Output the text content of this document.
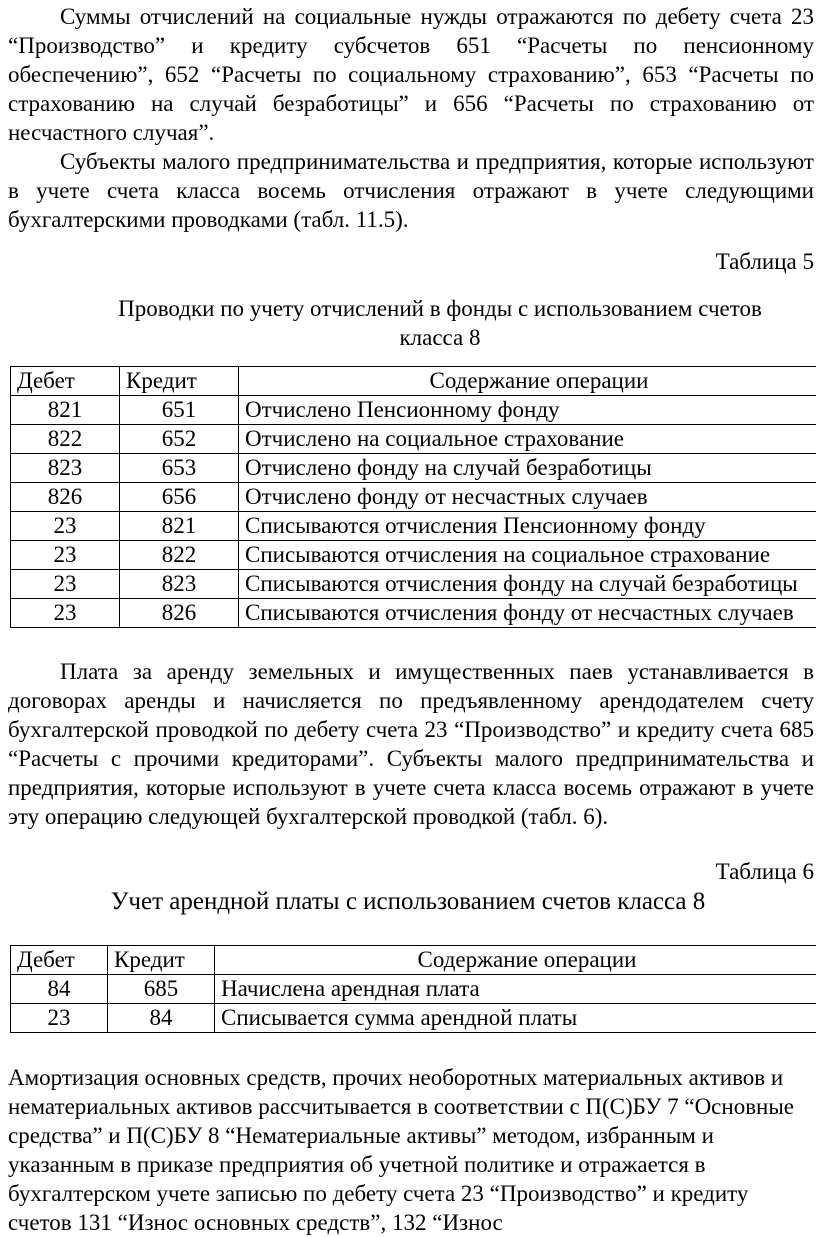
Суммы отчислений на социальные нужды отражаются по дебету счета 23 “Производство” и кредиту субсчетов 651 “Расчеты по пенсионному обеспечению”, 652 “Расчеты по социальному страхованию”, 653 “Расчеты по страхованию на случай безработицы” и 656 “Расчеты по страхованию от несчастного случая”.

Субъекты малого предпринимательства и предприятия, которые используют в учете счета класса восемь отчисления отражают в учете следующими бухгалтерскими проводками (табл. 11.5).

Таблица 5

Проводки по учету отчислений в фонды с использованием счетов

класса 8

Дебет	Кредит	Содержание операции
821	651	Отчислено Пенсионному фонду
822	652	Отчислено на социальное страхование
823	653	Отчислено фонду на случай безработицы
826	656	Отчислено фонду от несчастных случаев
23	821	Списываются отчисления Пенсионному фонду
23	822	Списываются отчисления на социальное страхование
23	823	Списываются отчисления фонду на случай безработицы
23	826	Списываются отчисления фонду от несчастных случаев

Плата за аренду земельных и имущественных паев устанавливается в договорах аренды и начисляется по предъявленному арендодателем счету бухгалтерской проводкой по дебету счета 23 “Производство” и кредиту счета 685 “Расчеты с прочими кредиторами”. Субъекты малого предпринимательства и предприятия, которые используют в учете счета класса восемь отражают в учете эту операцию следующей бухгалтерской проводкой (табл. 6).

Таблица 6

Учет арендной платы с использованием счетов класса 8

Дебет	Кредит	Содержание операции
84	685	Начислена арендная плата
23	84	Списывается сумма арендной платы

Амортизация основных средств, прочих необоротных материальных активов и нематериальных активов рассчитывается в соответствии с П(С)БУ 7 “Основные средства” и П(С)БУ 8 “Нематериальные активы” методом, избранным и указанным в приказе предприятия об учетной политике и отражается в бухгалтерском учете записью по дебету счета 23 “Производство” и кредиту счетов 131 “Износ основных средств”, 132 “Износ
